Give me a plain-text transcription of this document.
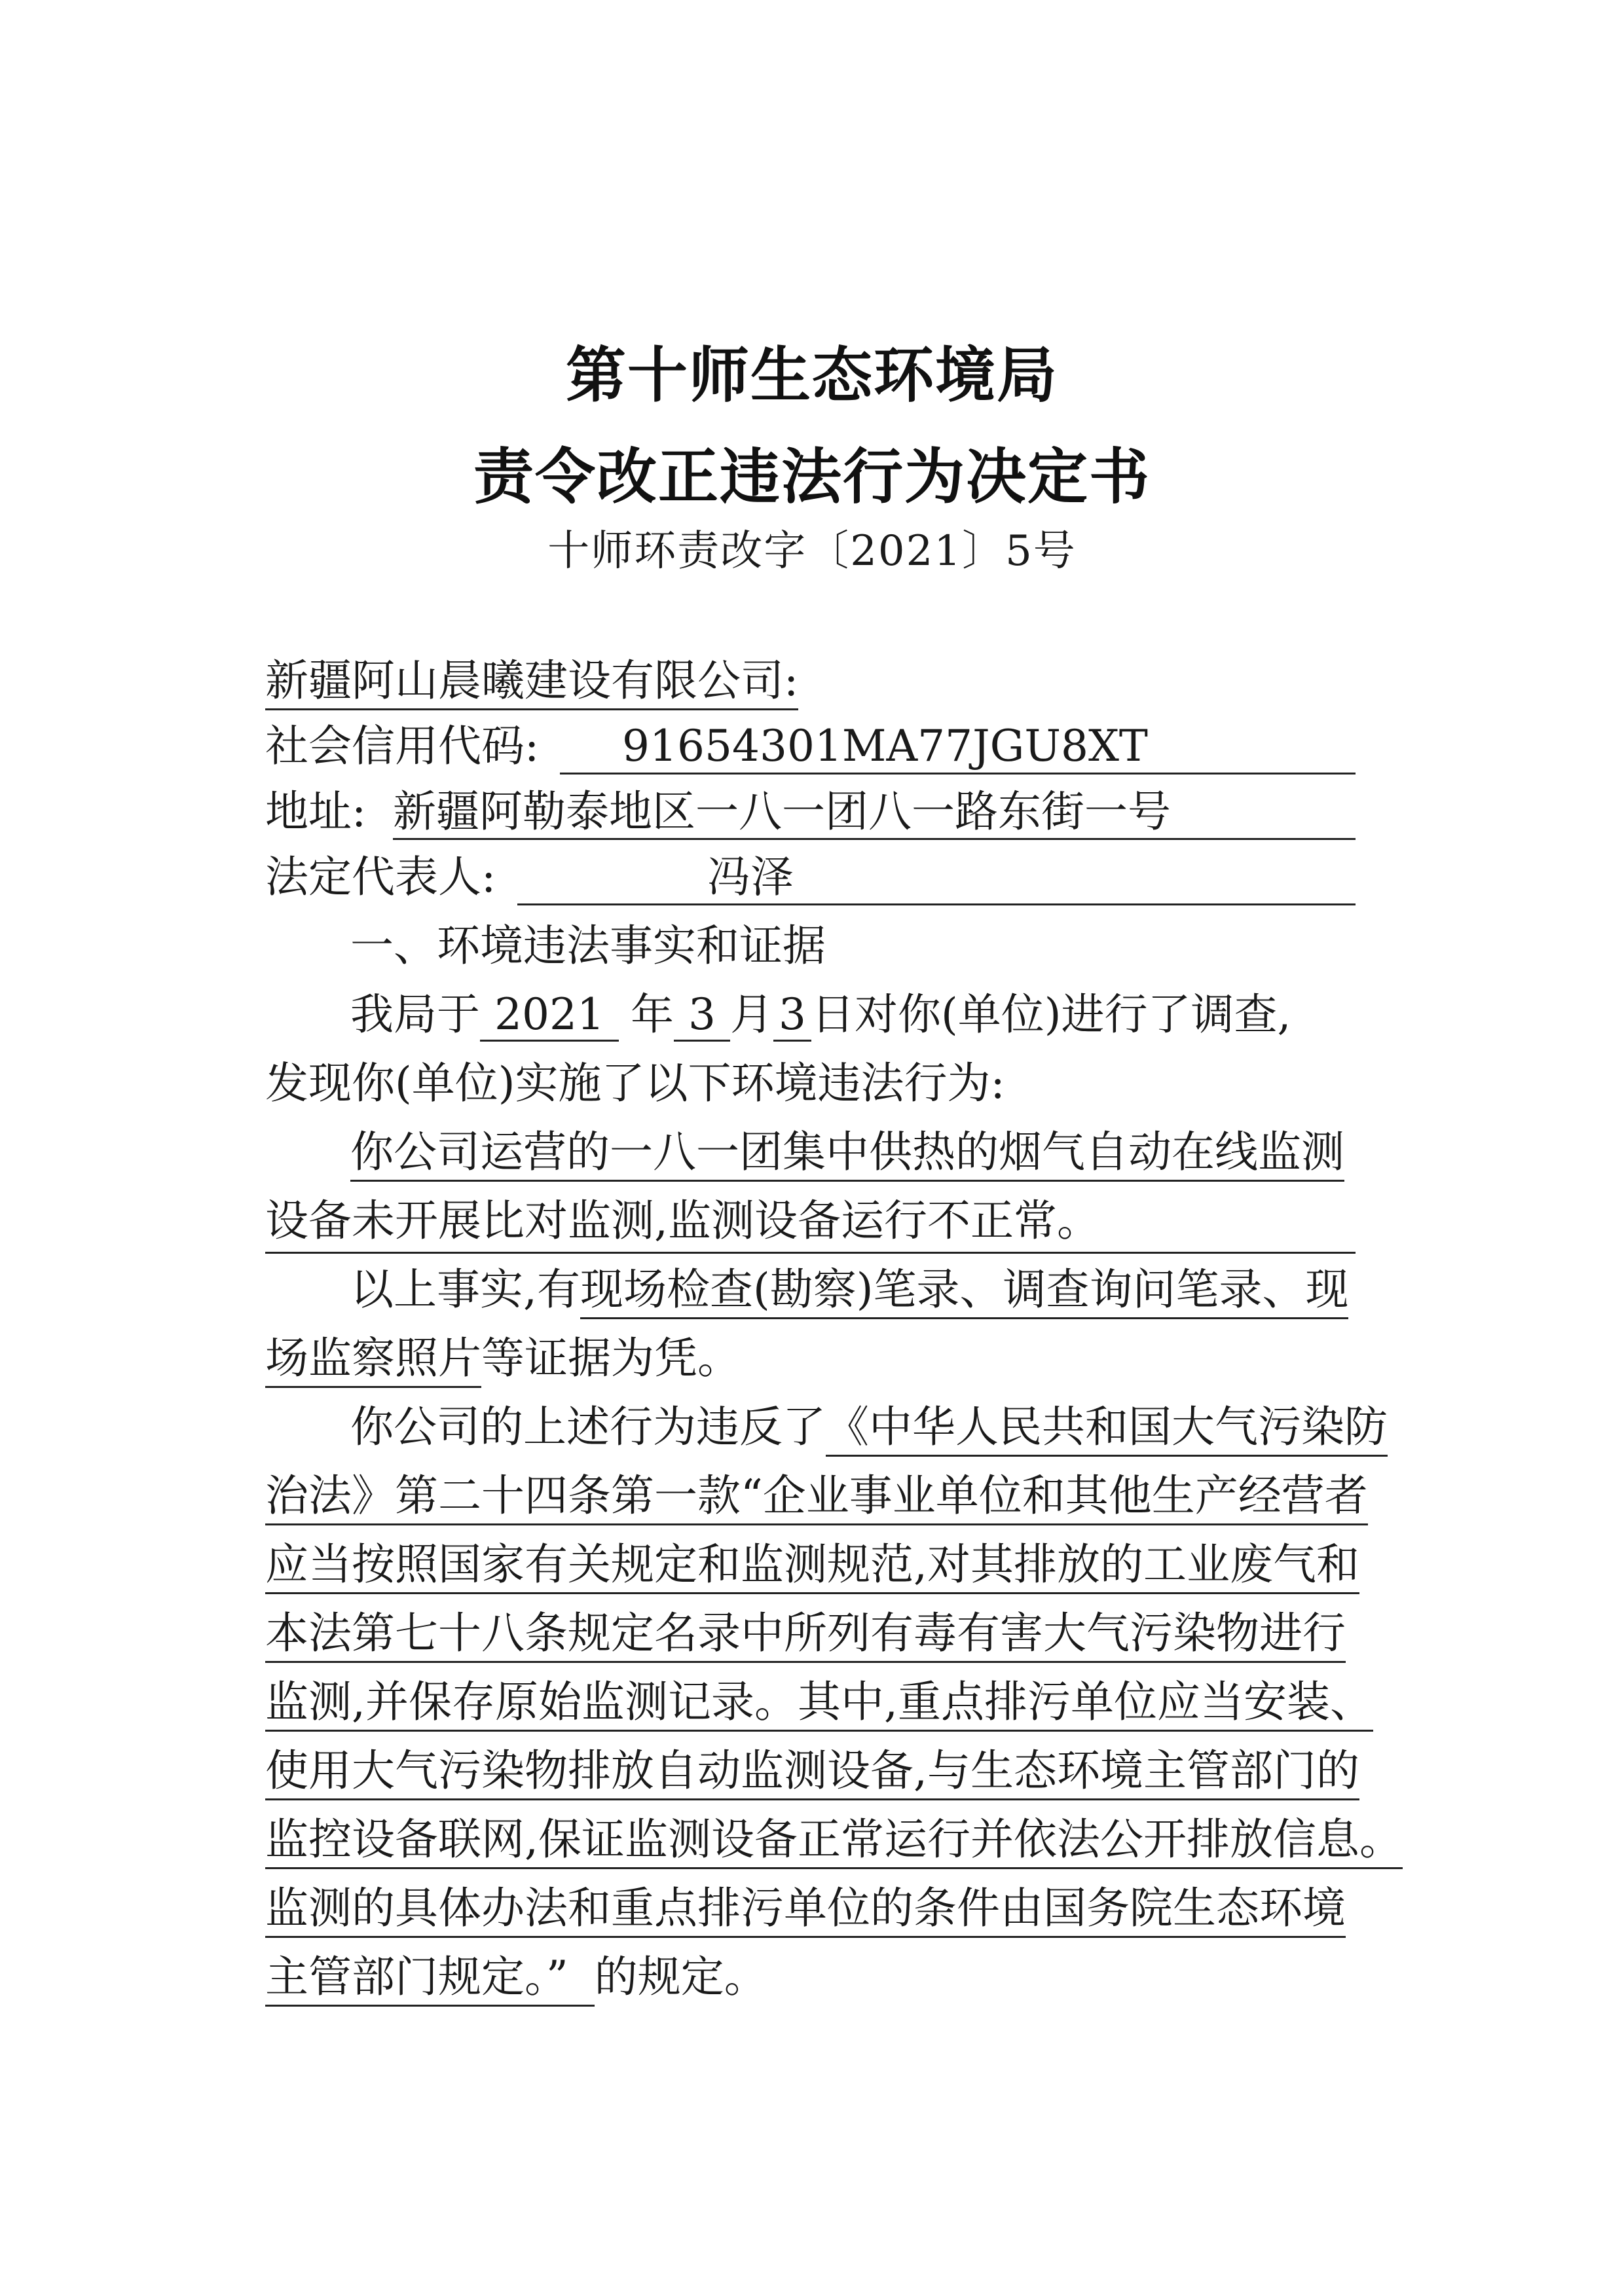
第十师生态环境局
责令改正违法行为决定书
十师环责改字〔2021〕5号
新疆阿山晨曦建设有限公司:
社会信用代码:	91654301MA77JGU8XT
地址: 新疆阿勒泰地区一八一团八一路东街一号
法定代表人:	冯泽
一、环境违法事实和证据
我局于 2021 年 3 月 3 日对你(单位)进行了调查,
发现你(单位)实施了以下环境违法行为:
你公司运营的一八一团集中供热的烟气自动在线监测
设备未开展比对监测,监测设备运行不正常。
以上事实,有现场检查(勘察)笔录、调查询问笔录、现
场监察照片等证据为凭。
你公司的上述行为违反了《中华人民共和国大气污染防
治法》第二十四条第一款“企业事业单位和其他生产经营者
应当按照国家有关规定和监测规范,对其排放的工业废气和
本法第七十八条规定名录中所列有毒有害大气污染物进行
监测,并保存原始监测记录。其中,重点排污单位应当安装、
使用大气污染物排放自动监测设备,与生态环境主管部门的
监控设备联网,保证监测设备正常运行并依法公开排放信息。
监测的具体办法和重点排污单位的条件由国务院生态环境
主管部门规定。” 的规定。
